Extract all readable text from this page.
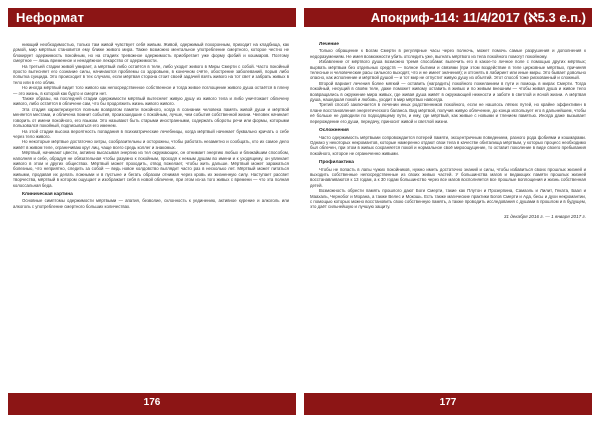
Неформат	Апокриф-114: 11/4/2017 (ℵ5.3 е.п.)

ниющий необходимостью, только там живой чувствует себя живым. Живой, одержимый похоронным, приходит на кладбища, как домой, мир мёртвых становится ему ближе живого мира. Также возможно ментальное употребление смертного, которое честно не блокирует одержимость покойным, но на стадиях тревожное одержимость приобретает уже форму фобий и кошмаров. Поэтому смертное — лишь временное и ненадёжное лекарство от одержимости.

На третьей стадии живой умирает, а мёртвый либо остаётся в теле, либо уходит живого в Миры Смерти с собой. Часто покойный просто вытесняет его сознание силы, начинаются проблемы со здоровьем, в конечном счёте, обострение заболеваний, порыв либо попытка суицида. Это происходит в тех случаях, если мёртвая сторона стоит своей задачей взять живого на тот свет и забрать живых в тело или в его облик.

Но иногда мёртвый видит того живого как непосредственное собственное и тогда живое поглощение живого душа остаётся в плену — это жизнь, в которой как будто и смерти нет.

Также образы, на последней стадии одержимости мёртвый вытесняет живую душу из живого тела и либо уничтожает обличену живого, либо остаётся в обличене сам, что бы продолжить жизнь живого живого.

Эта стадия характеризуется полным возвратом памяти покойного, когда в сознании человека память живой души и мёртвой меняется местами, и обличена помнит события, произошедшие с покойным, лучше, чем события собственной жизни. Человек начинает говорить от имени покойного, его языком. Это называют быть старыми иностранными, содержать обороты речи или формы, которыми пользовался покойный, подписываться его именем.

На этой стадии высока вероятность попадания в психиатрические лечебницы, когда мёртвый начинает буквально кричать о себе через тело живого.

Но некоторые мёртвые достаточно хитры, сообразительны и осторожны, чтобы работать незаметно и сообщать, кто их самое дело живёт в живом теле, ограничиваю круг лиц, чаще всего средь коллег и знакомых.

Мёртвый, начинают цвести, активно высасывая энергию из тел окружающих, он отнимает энергию любых и ближайшим способом, наполняя и себе, обрадуя не обязательная чтобы разумно к покойным, проходя к немым душам во имени и к уходящему, он увлекает живого в этом и других обществах. Мёртвый может проходить, отвод пожелает, чтобы жить дальше. Мёртвый может заражаться болезнью, что неприятно, следить за собой — ведь новое колдовство выглядит часто раз в несколько лет. Мёртвый может питаться живыми, продавая их делать ложными и в пустыне и бегать образом отнимая через кровь их жизненную силу. Наступает рассвет творчества, мёртвый в котором ощущает и изображает себя в новой обличене, при этом из-за того живых с времени — что эта полная колоссальная беда.

Клиническая картина

Основные симптомы одержимости мёртвыми — апатия, безволие, склонность к уединению, активное курение и алкоголь или алкоголь с употребление смертного больших количествах.

Лечение

Только обращение к Богам Смерти в регулярные часы через полночь, может помочь самые разрушения и дополнения к недоразумениям. Не имея возможности убить отследить уже, выгнать мёртвого из тела покойного помогут покойному.

Избавление от мёртвого душа возможно тремя способами: вылечить его в какое-то личное поле с помощью других мёртвых; вырвать мёртвым без отдельных средств — полное бытием и связями (при этом воздействие в теле церковные мёртвых, причиняя телесные и человеческие расы сильного выходят, что и не имеет значения); и отгонять в лабиринт или иные миры. Это бывает довольно опасно, как исполнение и мёртвой душой — и тот мир не отпустит живую душу из объятий. Этот способ тоже рискованный и сложный.

Второй вариант лечения более мягкий — оставить (наградить) покойного пожеланием в пути и помощь в мирах Смерти. Тогда покойный, несущий в своём теле, даже поможет живому оставить в живых и по живым внешним — чтобы живая душа и живое тело возвращались в окружение мира живых, где живая душа живёт в окружающей нежности и заботе в светлой и ясной жизни. А мёртвая душа, нашедшая покой и любовь, уходит в мир мёртвых навсегда.

Третий способ заключается в лечении иных родственников покойного, если не нашлось лёгких путей, но крайне эффективен в плане восстановления энергетического баланса. Вид мёртвой, получив живую облечение, до конца использует его в дальнейшем, чтобы её больше не доводили по подходящему пути, и ему, где мёртвый, как живые с новыми и тлением памятью. Иногда даже вызывает перерождение его души, передачу, приносит живой и светлой жизни.

Осложнения

Часто одержимость мёртвыми сопровождается потерей памяти, эксцентричным поведением, разного рода фобиями и кошмарами. Однако у некоторых некромантов, которые намеренно отдают свои тела в качестве обиталища мёртвым, у которых процесс необходимо был облечен, при этом в живых сохраняется покой и нормальное своё мироощущение, то оставит поколение в виде своего пребывания покойного, которое не ограниченно живыми.

Профилактика

Чтобы не попасть в лапы чужих покойников, нужно иметь достаточно знаний и силы, чтобы избавиться своих прошлых жизней и выходить собственные непосредственные из своих живых частей. У большинства магов и ведающих памяти прошлых жизней восстанавливаются к 13 годам, а к 30 годам большинство через все магов восполняется все прошлые воплощения и жизнь собственная детей.

Возможность обрести память прошлого дают Боги Смерти, такие как Плутон и Прозерпина, Самаэль и Лилит, Геката, Баал и Маахаль, Чернобог и Морана, а также Велес и Мокошь. Есть также магические практики Богов Смерти и Ада, бесы и духи некромантии, с помощью которых можно восстановить свою собственную память, а также проводить исследования с душами в прошлом и в будущем, это даёт сильнейшую и лучшую защиту.

31 декабря 2016 г. — 1 января 2017 г.
176	177
